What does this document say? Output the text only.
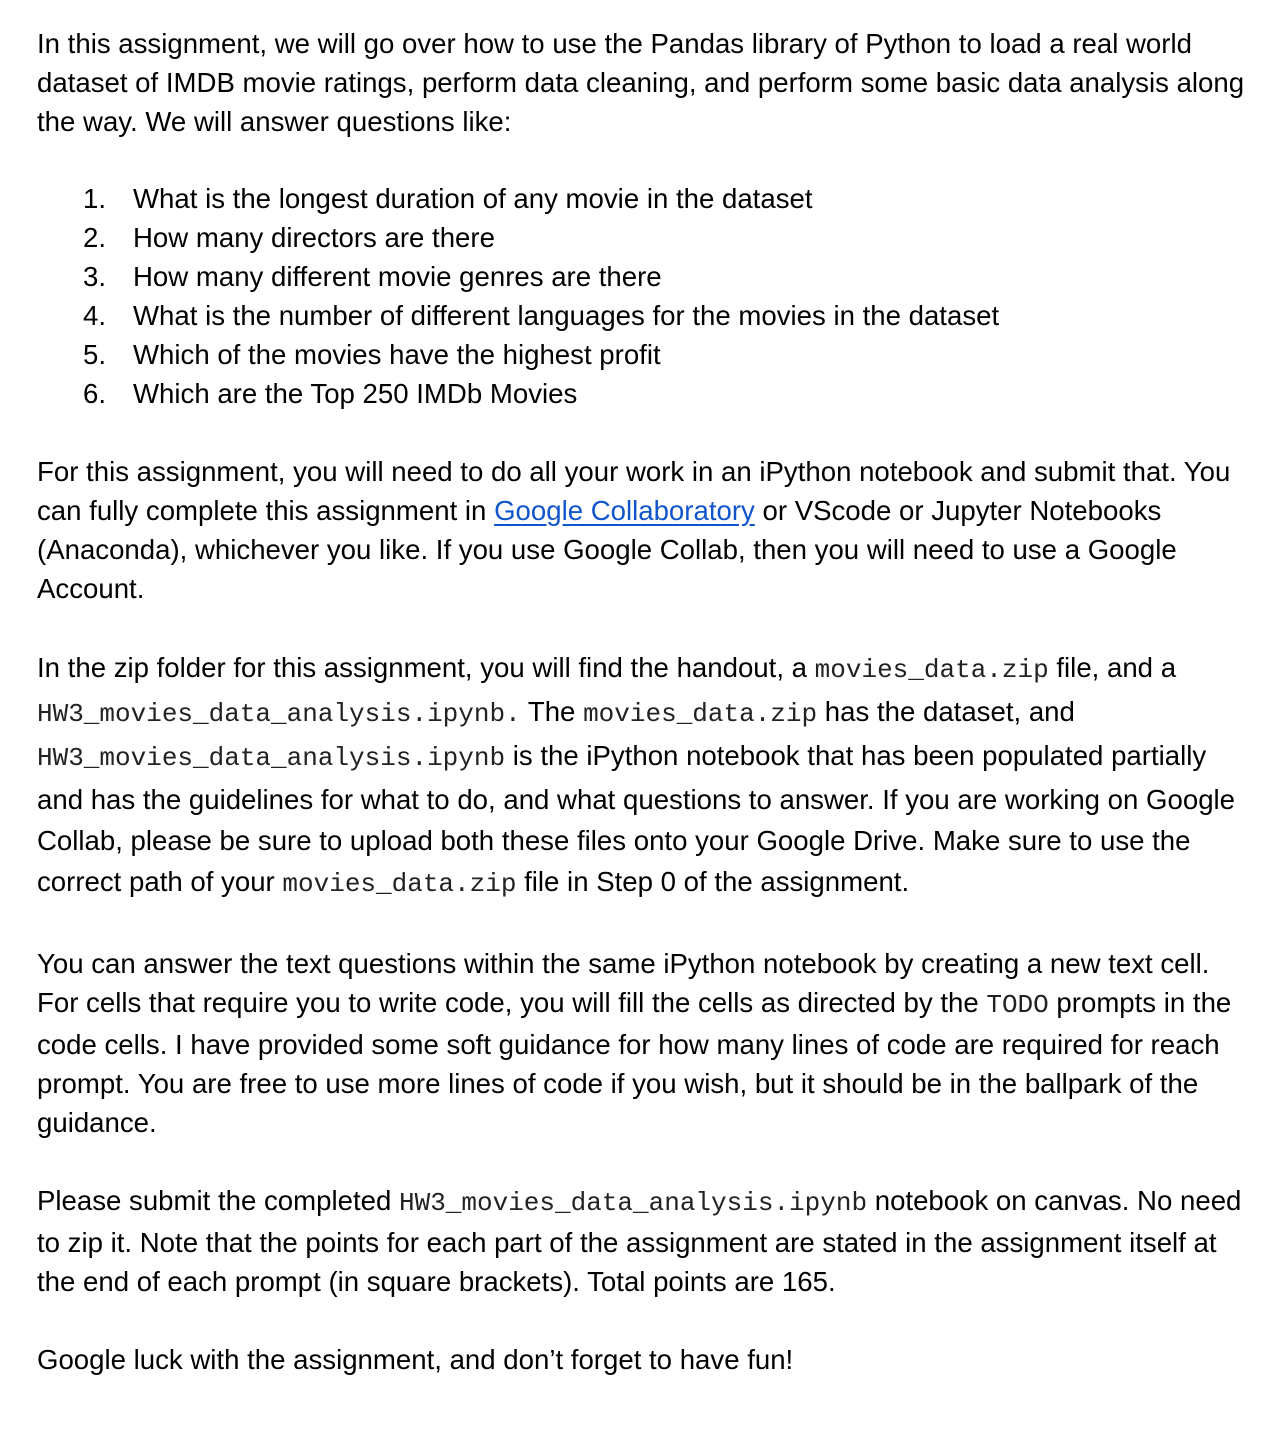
In this assignment, we will go over how to use the Pandas library of Python to load a real world dataset of IMDB movie ratings, perform data cleaning, and perform some basic data analysis along the way. We will answer questions like:

1. What is the longest duration of any movie in the dataset
2. How many directors are there
3. How many different movie genres are there
4. What is the number of different languages for the movies in the dataset
5. Which of the movies have the highest profit
6. Which are the Top 250 IMDb Movies

For this assignment, you will need to do all your work in an iPython notebook and submit that. You can fully complete this assignment in Google Collaboratory or VScode or Jupyter Notebooks (Anaconda), whichever you like. If you use Google Collab, then you will need to use a Google Account.

In the zip folder for this assignment, you will find the handout, a movies_data.zip file, and a HW3_movies_data_analysis.ipynb. The movies_data.zip has the dataset, and HW3_movies_data_analysis.ipynb is the iPython notebook that has been populated partially and has the guidelines for what to do, and what questions to answer. If you are working on Google Collab, please be sure to upload both these files onto your Google Drive. Make sure to use the correct path of your movies_data.zip file in Step 0 of the assignment.

You can answer the text questions within the same iPython notebook by creating a new text cell. For cells that require you to write code, you will fill the cells as directed by the TODO prompts in the code cells. I have provided some soft guidance for how many lines of code are required for reach prompt. You are free to use more lines of code if you wish, but it should be in the ballpark of the guidance.

Please submit the completed HW3_movies_data_analysis.ipynb notebook on canvas. No need to zip it. Note that the points for each part of the assignment are stated in the assignment itself at the end of each prompt (in square brackets). Total points are 165.

Google luck with the assignment, and don’t forget to have fun!
